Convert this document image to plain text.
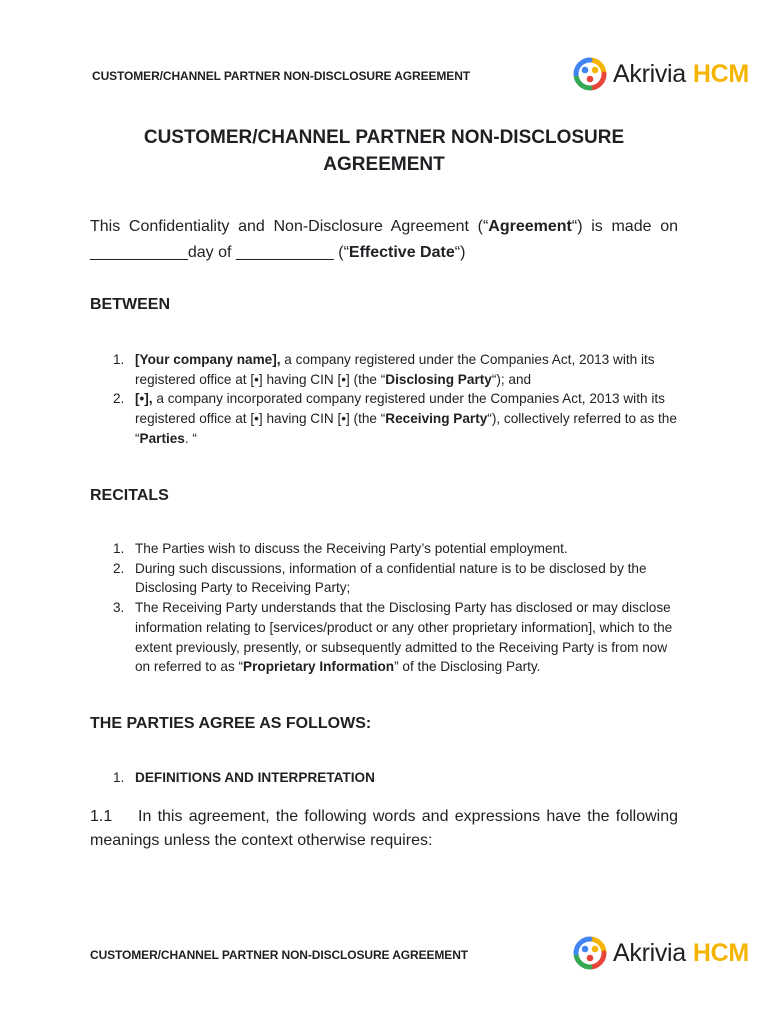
CUSTOMER/CHANNEL PARTNER NON-DISCLOSURE AGREEMENT	Akrivia HCM
CUSTOMER/CHANNEL PARTNER NON-DISCLOSURE AGREEMENT
This Confidentiality and Non-Disclosure Agreement (“Agreement“) is made on ___________day of ___________ (“Effective Date“)
BETWEEN
1. [Your company name], a company registered under the Companies Act, 2013 with its registered office at [•] having CIN [•] (the “Disclosing Party“); and
2. [•], a company incorporated company registered under the Companies Act, 2013 with its registered office at [•] having CIN [•] (the “Receiving Party“), collectively referred to as the “Parties. “
RECITALS
1. The Parties wish to discuss the Receiving Party’s potential employment.
2. During such discussions, information of a confidential nature is to be disclosed by the Disclosing Party to Receiving Party;
3. The Receiving Party understands that the Disclosing Party has disclosed or may disclose information relating to [services/product or any other proprietary information], which to the extent previously, presently, or subsequently admitted to the Receiving Party is from now on referred to as “Proprietary Information” of the Disclosing Party.
THE PARTIES AGREE AS FOLLOWS:
1. DEFINITIONS AND INTERPRETATION
1.1 In this agreement, the following words and expressions have the following meanings unless the context otherwise requires:
CUSTOMER/CHANNEL PARTNER NON-DISCLOSURE AGREEMENT	Akrivia HCM
